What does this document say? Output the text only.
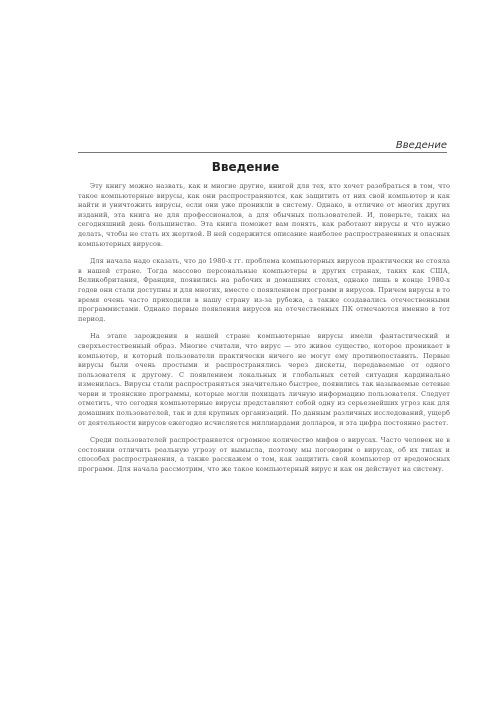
Введение
Введение

Эту книгу можно назвать, как и многие другие, книгой для тех, кто хочет разобраться в том, что такое компьютерные вирусы, как они распространяются, как защитить от них свой компьютер и как найти и уничтожить вирусы, если они уже проникли в систему. Однако, в отличие от многих других изданий, эта книга не для профессионалов, а для обычных пользователей. И, поверьте, таких на сегодняшний день большинство. Эта книга поможет вам понять, как работают вирусы и что нужно делать, чтобы не стать их жертвой. В ней содержится описание наиболее распространенных и опасных компьютерных вирусов.

Для начала надо сказать, что до 1980-х гг. проблема компьютерных вирусов практически не стояла в нашей стране. Тогда массово персональные компьютеры в других странах, таких как США, Великобритания, Франция, появились на рабочих и домашних столах, однако лишь в конце 1980-х годов они стали доступны и для многих, вместе с появлением программ и вирусов. Причем вирусы в то время очень часто приходили в нашу страну из-за рубежа, а также создавались отечественными программистами. Однако первые появления вирусов на отечественных ПК отмечаются именно в тот период.

На этапе зарождения в нашей стране компьютерные вирусы имели фантастический и сверхъестественный образ. Многие считали, что вирус — это живое существо, которое проникает в компьютер, и который пользователи практически ничего не могут ему противопоставить. Первые вирусы были очень простыми и распространялись через дискеты, передаваемые от одного пользователя к другому. С появлением локальных и глобальных сетей ситуация кардинально изменилась. Вирусы стали распространяться значительно быстрее, появились так называемые сетевые черви и троянские программы, которые могли похищать личную информацию пользователя. Следует отметить, что сегодня компьютерные вирусы представляют собой одну из серьезнейших угроз как для домашних пользователей, так и для крупных организаций. По данным различных исследований, ущерб от деятельности вирусов ежегодно исчисляется миллиардами долларов, и эта цифра постоянно растет.

Среди пользователей распространяется огромное количество мифов о вирусах. Часто человек не в состоянии отличить реальную угрозу от вымысла, поэтому мы поговорим о вирусах, об их типах и способах распространения, а также расскажем о том, как защитить свой компьютер от вредоносных программ. Для начала рассмотрим, что же такое компьютерный вирус и как он действует на систему.
